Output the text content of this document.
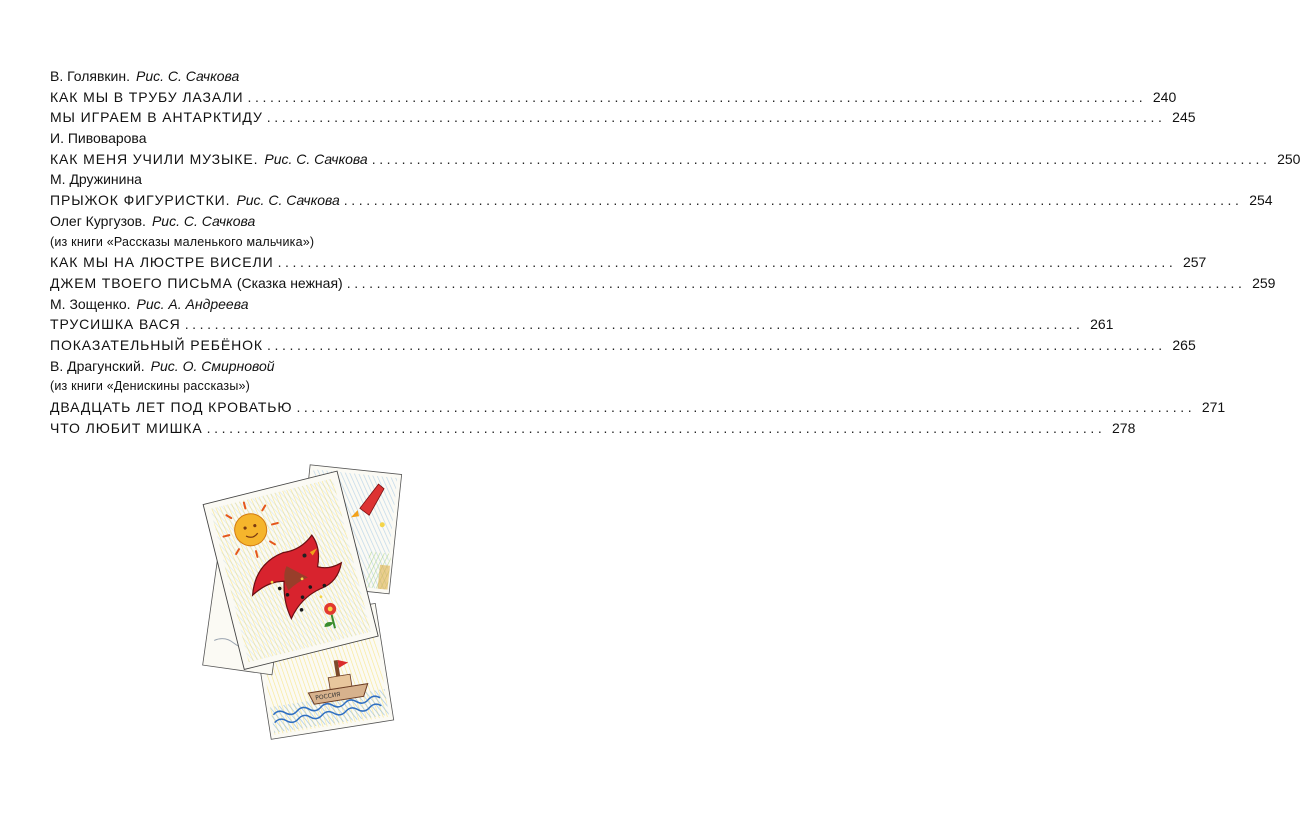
В. Голявкин. Рис. С. Сачкова
КАК МЫ В ТРУБУ ЛАЗАЛИ ........................................................................................................................ 240
МЫ ИГРАЕМ В АНТАРКТИДУ ........................................................................................................................ 245
И. Пивоварова
КАК МЕНЯ УЧИЛИ МУЗЫКЕ. Рис. С. Сачкова ........................................................................................................................ 250
М. Дружинина
ПРЫЖОК ФИГУРИСТКИ. Рис. С. Сачкова ........................................................................................................................ 254
Олег Кургузов. Рис. С. Сачкова
(из книги «Рассказы маленького мальчика»)
КАК МЫ НА ЛЮСТРЕ ВИСЕЛИ ........................................................................................................................ 257
ДЖЕМ ТВОЕГО ПИСЬМА (Сказка нежная) ........................................................................................................................ 259
М. Зощенко. Рис. А. Андреева
ТРУСИШКА ВАСЯ ........................................................................................................................ 261
ПОКАЗАТЕЛЬНЫЙ РЕБЁНОК ........................................................................................................................ 265
В. Драгунский. Рис. О. Смирновой
(из книги «Денискины рассказы»)
ДВАДЦАТЬ ЛЕТ ПОД КРОВАТЬЮ ........................................................................................................................ 271
ЧТО ЛЮБИТ МИШКА ........................................................................................................................ 278
РОССИЯ
